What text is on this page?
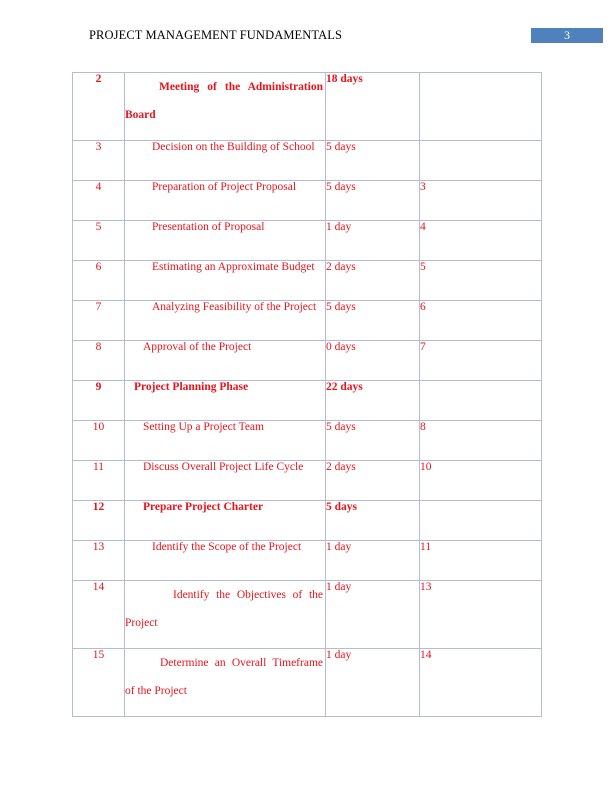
PROJECT MANAGEMENT FUNDAMENTALS	3
2	Meeting of the Administration Board	18 days	
3	Decision on the Building of School	5 days	
4	Preparation of Project Proposal	5 days	3
5	Presentation of Proposal	1 day	4
6	Estimating an Approximate Budget	2 days	5
7	Analyzing Feasibility of the Project	5 days	6
8	Approval of the Project	0 days	7
9	Project Planning Phase	22 days	
10	Setting Up a Project Team	5 days	8
11	Discuss Overall Project Life Cycle	2 days	10
12	Prepare Project Charter	5 days	
13	Identify the Scope of the Project	1 day	11
14	Identify the Objectives of the Project	1 day	13
15	Determine an Overall Timeframe of the Project	1 day	14
